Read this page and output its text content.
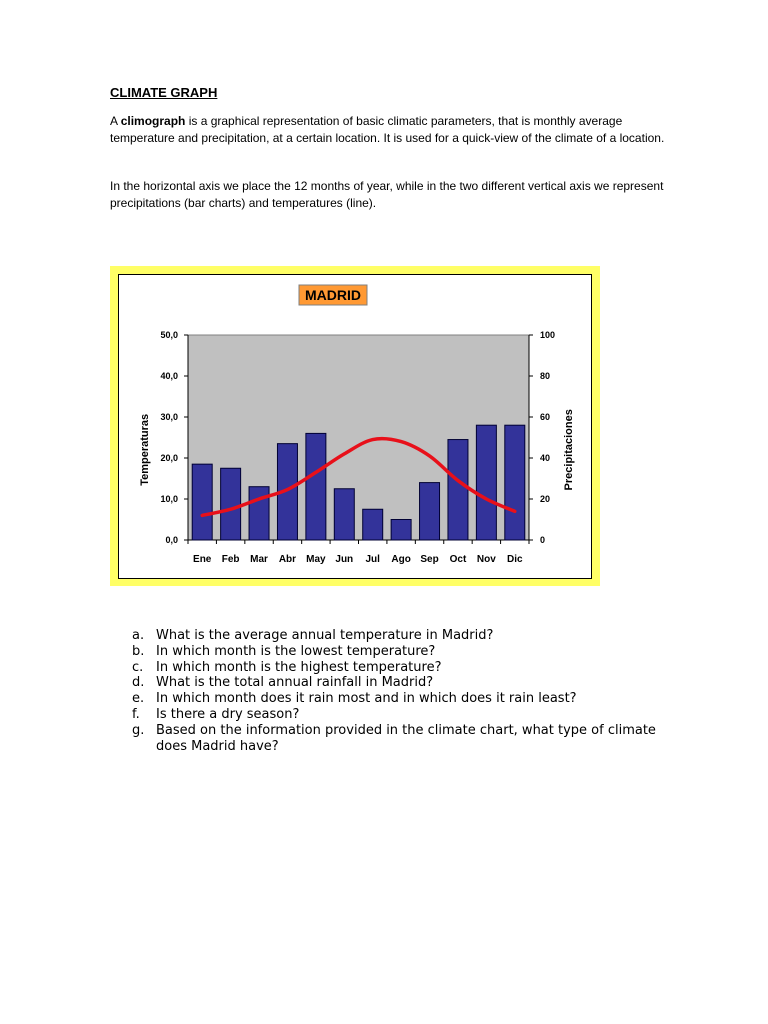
CLIMATE GRAPH

A climograph is a graphical representation of basic climatic parameters, that is monthly average temperature and precipitation, at a certain location. It is used for a quick-view of the climate of a location.

In the horizontal axis we place the 12 months of year, while in the two different vertical axis we represent precipitations (bar charts) and temperatures (line).

MADRID
0,0
10,0
20,0
30,0
40,0
50,0
0
20
40
60
80
100
Temperaturas	Precipitaciones
Ene Feb Mar Abr May Jun Jul Ago Sep Oct Nov Dic
a. What is the average annual temperature in Madrid?
b. In which month is the lowest temperature?
c. In which month is the highest temperature?
d. What is the total annual rainfall in Madrid?
e. In which month does it rain most and in which does it rain least?
f.	Is there a dry season?
g. Based on the information provided in the climate chart, what type of climate does Madrid have?
